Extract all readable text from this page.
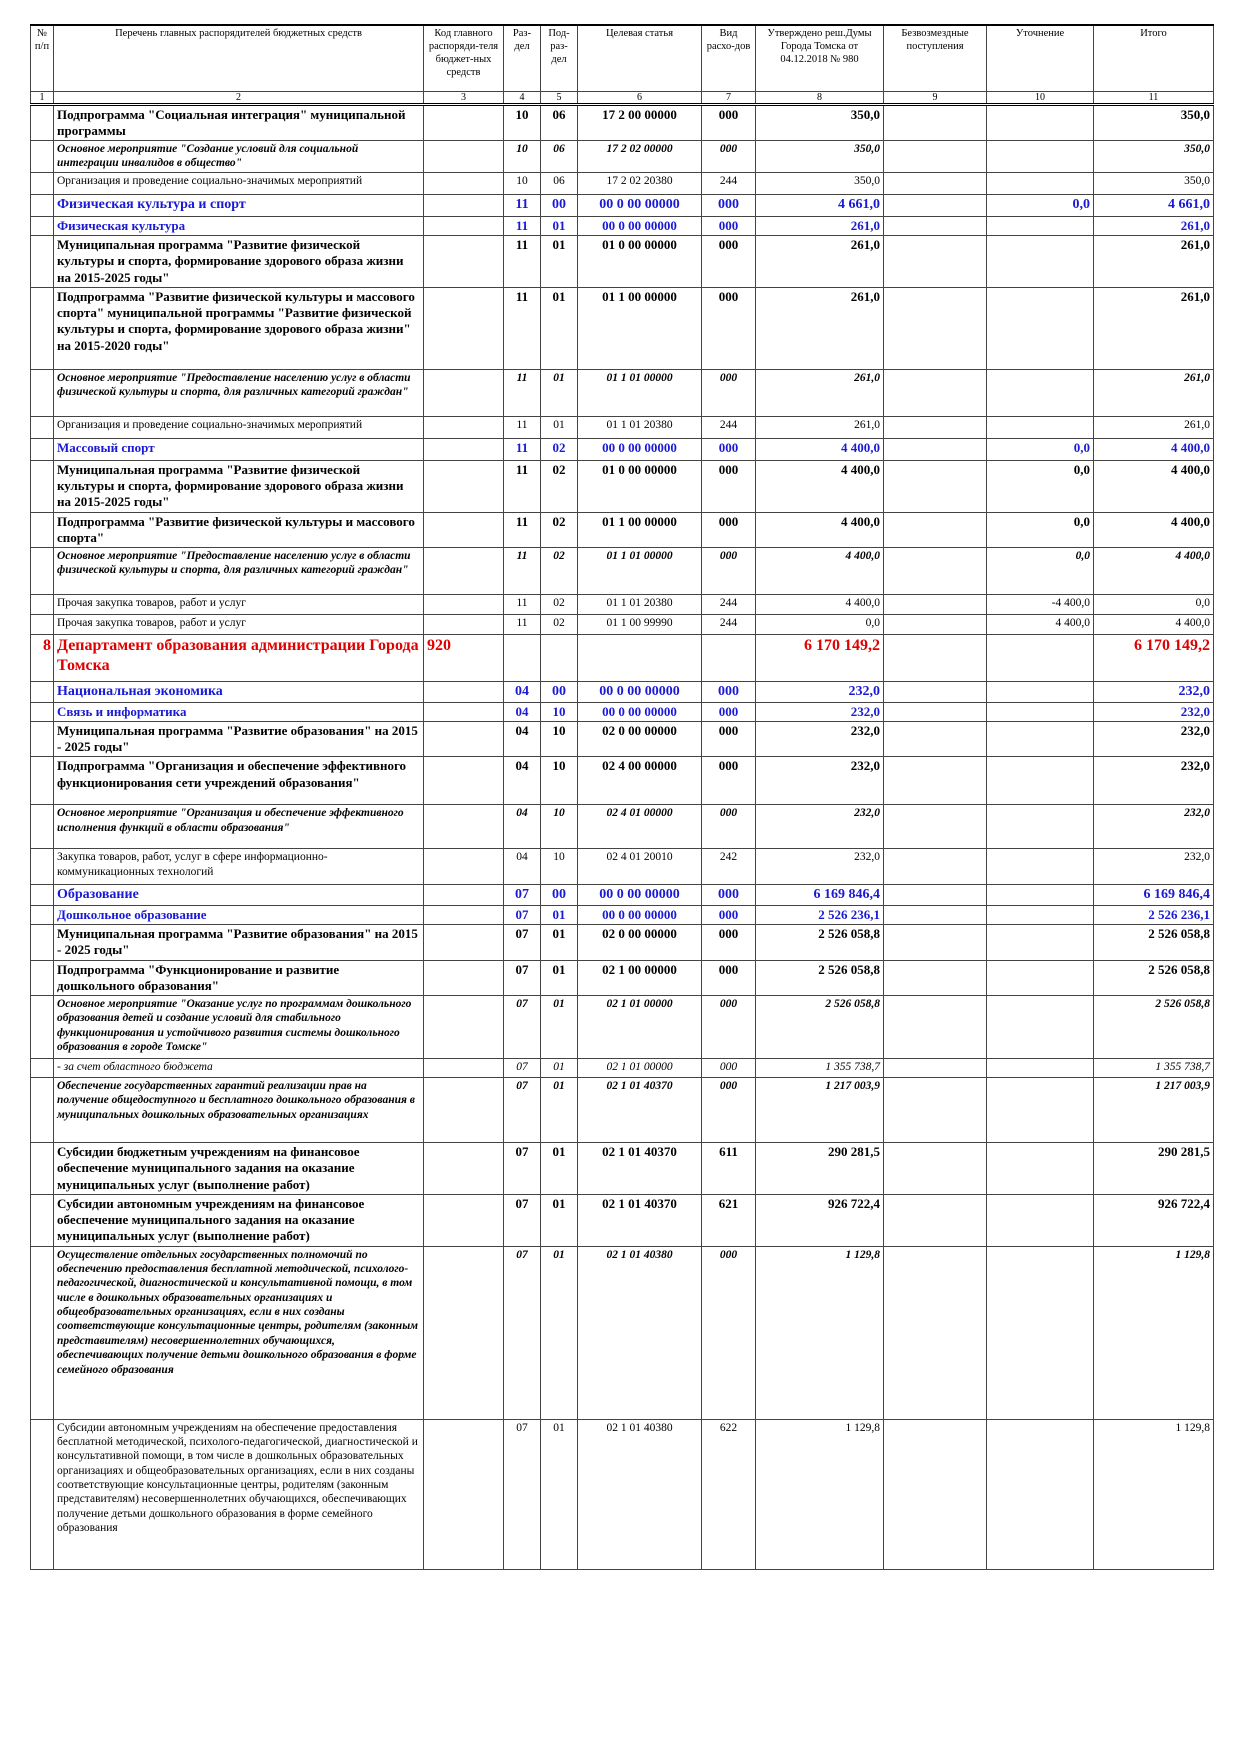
№ п/п	Перечень главных распорядителей бюджетных средств	Код главного распоряди-теля бюджет-ных средств	Раз-дел	Под-раз-дел	Целевая статья	Вид расхо-дов	Утверждено реш.Думы Города Томска от 04.12.2018 № 980	Безвозмездные поступления	Уточнение	Итого
1	2	3	4	5	6	7	8	9	10	11
	Подпрограмма "Социальная интеграция" муниципальной программы		10	06	17 2 00 00000	000	350,0			350,0
	Основное мероприятие "Создание условий для социальной интеграции инвалидов в общество"		10	06	17 2 02 00000	000	350,0			350,0
	Организация и проведение социально-значимых мероприятий		10	06	17 2 02 20380	244	350,0			350,0
	Физическая культура и спорт		11	00	00 0 00 00000	000	4 661,0		0,0	4 661,0
	Физическая культура		11	01	00 0 00 00000	000	261,0			261,0
	Муниципальная программа "Развитие физической культуры и спорта, формирование здорового образа жизни на 2015-2025 годы"		11	01	01 0 00 00000	000	261,0			261,0
	Подпрограмма "Развитие физической культуры и массового спорта" муниципальной программы "Развитие физической культуры и спорта, формирование здорового образа жизни" на 2015-2020 годы"		11	01	01 1 00 00000	000	261,0			261,0
	Основное мероприятие "Предоставление населению услуг в области физической культуры и спорта, для различных категорий граждан"		11	01	01 1 01 00000	000	261,0			261,0
	Организация и проведение социально-значимых мероприятий		11	01	01 1 01 20380	244	261,0			261,0
	Массовый спорт		11	02	00 0 00 00000	000	4 400,0		0,0	4 400,0
	Муниципальная программа "Развитие физической культуры и спорта, формирование здорового образа жизни на 2015-2025 годы"		11	02	01 0 00 00000	000	4 400,0		0,0	4 400,0
	Подпрограмма "Развитие физической культуры и массового спорта"		11	02	01 1 00 00000	000	4 400,0		0,0	4 400,0
	Основное мероприятие "Предоставление населению услуг в области физической культуры и спорта, для различных категорий граждан"		11	02	01 1 01 00000	000	4 400,0		0,0	4 400,0
	Прочая закупка товаров, работ и услуг		11	02	01 1 01 20380	244	4 400,0		-4 400,0	0,0
	Прочая закупка товаров, работ и услуг		11	02	01 1 00 99990	244	0,0		4 400,0	4 400,0
8	Департамент образования администрации Города Томска	920					6 170 149,2			6 170 149,2
	Национальная экономика		04	00	00 0 00 00000	000	232,0			232,0
	Связь и информатика		04	10	00 0 00 00000	000	232,0			232,0
	Муниципальная программа "Развитие образования" на 2015 - 2025 годы"		04	10	02 0 00 00000	000	232,0			232,0
	Подпрограмма "Организация и обеспечение эффективного функционирования сети учреждений образования"		04	10	02 4 00 00000	000	232,0			232,0
	Основное мероприятие "Организация и обеспечение эффективного исполнения функций в области образования"		04	10	02 4 01 00000	000	232,0			232,0
	Закупка товаров, работ, услуг в сфере информационно-коммуникационных технологий		04	10	02 4 01 20010	242	232,0			232,0
	Образование		07	00	00 0 00 00000	000	6 169 846,4			6 169 846,4
	Дошкольное образование		07	01	00 0 00 00000	000	2 526 236,1			2 526 236,1
	Муниципальная программа "Развитие образования" на 2015 - 2025 годы"		07	01	02 0 00 00000	000	2 526 058,8			2 526 058,8
	Подпрограмма "Функционирование и развитие дошкольного образования"		07	01	02 1 00 00000	000	2 526 058,8			2 526 058,8
	Основное мероприятие "Оказание услуг по программам дошкольного образования детей и создание условий для стабильного функционирования и устойчивого развития системы дошкольного образования в городе Томске"		07	01	02 1 01 00000	000	2 526 058,8			2 526 058,8
	- за счет областного бюджета		07	01	02 1 01 00000	000	1 355 738,7			1 355 738,7
	Обеспечение государственных гарантий реализации прав на получение общедоступного и бесплатного дошкольного образования в муниципальных дошкольных образовательных организациях		07	01	02 1 01 40370	000	1 217 003,9			1 217 003,9
	Субсидии бюджетным учреждениям на финансовое обеспечение муниципального задания на оказание муниципальных услуг (выполнение работ)		07	01	02 1 01 40370	611	290 281,5			290 281,5
	Субсидии автономным учреждениям на финансовое обеспечение муниципального задания на оказание муниципальных услуг (выполнение работ)		07	01	02 1 01 40370	621	926 722,4			926 722,4
	Осуществление отдельных государственных полномочий по обеспечению предоставления бесплатной методической, психолого-педагогической, диагностической и консультативной помощи, в том числе в дошкольных образовательных организациях и общеобразовательных организациях, если в них созданы соответствующие консультационные центры, родителям (законным представителям) несовершеннолетних обучающихся, обеспечивающих получение детьми дошкольного образования в форме семейного образования		07	01	02 1 01 40380	000	1 129,8			1 129,8
	Субсидии автономным учреждениям на обеспечение предоставления бесплатной методической, психолого-педагогической, диагностической и консультативной помощи, в том числе в дошкольных образовательных организациях и общеобразовательных организациях, если в них созданы соответствующие консультационные центры, родителям (законным представителям) несовершеннолетних обучающихся, обеспечивающих получение детьми дошкольного образования в форме семейного образования		07	01	02 1 01 40380	622	1 129,8			1 129,8
